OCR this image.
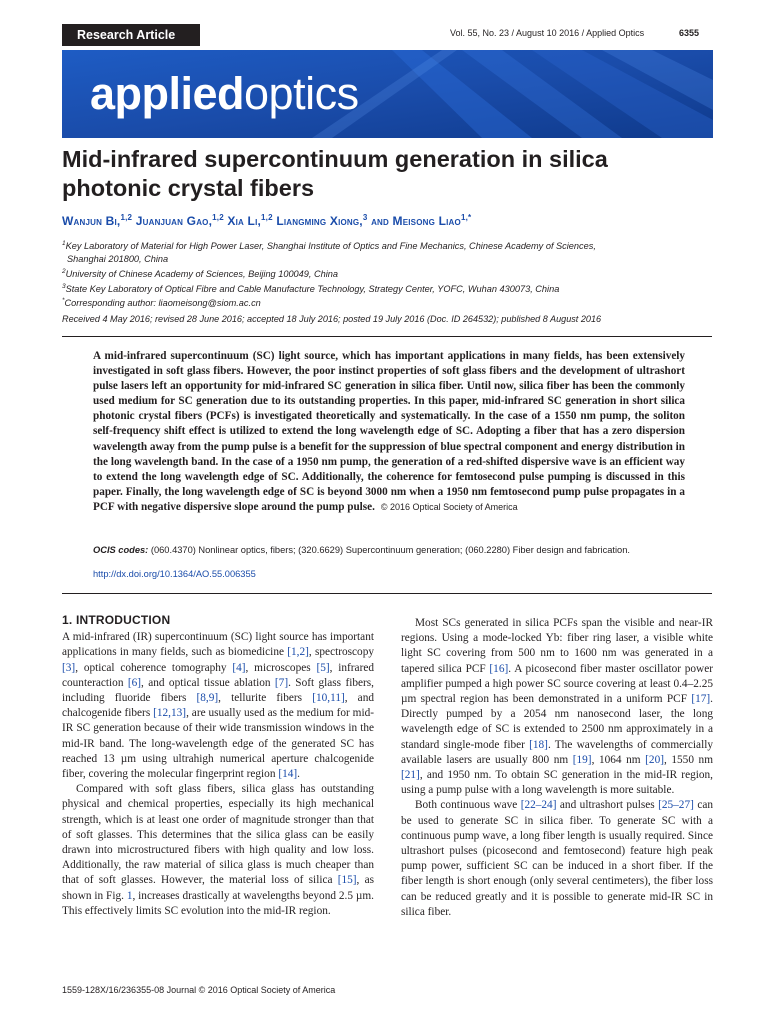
Research Article	Vol. 55, No. 23 / August 10 2016 / Applied Optics	6355
appliedoptics
Mid-infrared supercontinuum generation in silica photonic crystal fibers
Wanjun Bi,$^{1,2}$ Juanjuan Gao,$^{1,2}$ Xia Li,$^{1,2}$ Liangming Xiong,$^3$ and Meisong Liao$^{1,*}$

$^1$Key Laboratory of Material for High Power Laser, Shanghai Institute of Optics and Fine Mechanics, Chinese Academy of Sciences,
Shanghai 201800, China

$^2$University of Chinese Academy of Sciences, Beijing 100049, China

$^3$State Key Laboratory of Optical Fibre and Cable Manufacture Technology, Strategy Center, YOFC, Wuhan 430073, China

*Corresponding author: liaomeisong@siom.ac.cn

Received 4 May 2016; revised 28 June 2016; accepted 18 July 2016; posted 19 July 2016 (Doc. ID 264532); published 8 August 2016

A mid-infrared supercontinuum (SC) light source, which has important applications in many fields, has been extensively investigated in soft glass fibers. However, the poor instinct properties of soft glass fibers and the development of ultrashort pulse lasers left an opportunity for mid-infrared SC generation in silica fiber. Until now, silica fiber has been the commonly used medium for SC generation due to its outstanding properties. In this paper, mid-infrared SC generation in short silica photonic crystal fibers (PCFs) is investigated theoretically and systematically. In the case of a 1550 nm pump, the soliton self-frequency shift effect is utilized to extend the long wavelength edge of SC. Adopting a fiber that has a zero dispersion wavelength away from the pump pulse is a benefit for the suppression of blue spectral component and energy distribution in the long wavelength band. In the case of a 1950 nm pump, the generation of a red-shifted dispersive wave is an efficient way to extend the long wavelength edge of SC. Additionally, the coherence for femtosecond pulse pumping is discussed in this paper. Finally, the long wavelength edge of SC is beyond 3000 nm when a 1950 nm femtosecond pump pulse propagates in a PCF with negative dispersive slope around the pump pulse. © 2016 Optical Society of America

OCIS codes: (060.4370) Nonlinear optics, fibers; (320.6629) Supercontinuum generation; (060.2280) Fiber design and fabrication.
http://dx.doi.org/10.1364/AO.55.006355
1. INTRODUCTION

A mid-infrared (IR) supercontinuum (SC) light source has important applications in many fields, such as biomedicine [1,2], spectroscopy [3], optical coherence tomography [4], microscopes [5], infrared counteraction [6], and optical tissue ablation [7]. Soft glass fibers, including fluoride fibers [8,9], tellurite fibers [10,11], and chalcogenide fibers [12,13], are usually used as the medium for mid-IR SC generation because of their wide transmission windows in the mid-IR band. The long-wavelength edge of the generated SC has reached 13 µm using ultrahigh numerical aperture chalcogenide fiber, covering the molecular fingerprint region [14].

Compared with soft glass fibers, silica glass has outstanding physical and chemical properties, especially its high mechanical strength, which is at least one order of magnitude stronger than that of soft glasses. This determines that the silica glass can be easily drawn into microstructured fibers with high quality and low loss. Additionally, the raw material of silica glass is much cheaper than that of soft glasses. However, the material loss of silica [15], as shown in Fig. 1, increases drastically at wavelengths beyond 2.5 µm. This effectively limits SC evolution into the mid-IR region.

Most SCs generated in silica PCFs span the visible and near-IR regions. Using a mode-locked Yb: fiber ring laser, a visible white light SC covering from 500 nm to 1600 nm was generated in a tapered silica PCF [16]. A picosecond fiber master oscillator power amplifier pumped a high power SC source covering at least 0.4–2.25 µm spectral region has been demonstrated in a uniform PCF [17]. Directly pumped by a 2054 nm nanosecond laser, the long wavelength edge of SC is extended to 2500 nm approximately in a standard single-mode fiber [18]. The wavelengths of commercially available lasers are usually 800 nm [19], 1064 nm [20], 1550 nm [21], and 1950 nm. To obtain SC generation in the mid-IR region, using a pump pulse with a long wavelength is more suitable.

Both continuous wave [22–24] and ultrashort pulses [25–27] can be used to generate SC in silica fiber. To generate SC with a continuous pump wave, a long fiber length is usually required. Since ultrashort pulses (picosecond and femtosecond) feature high peak pump power, sufficient SC can be induced in a short fiber. If the fiber length is short enough (only several centimeters), the fiber loss can be reduced greatly and it is possible to generate mid-IR SC in silica fiber.

1559-128X/16/236355-08 Journal © 2016 Optical Society of America
